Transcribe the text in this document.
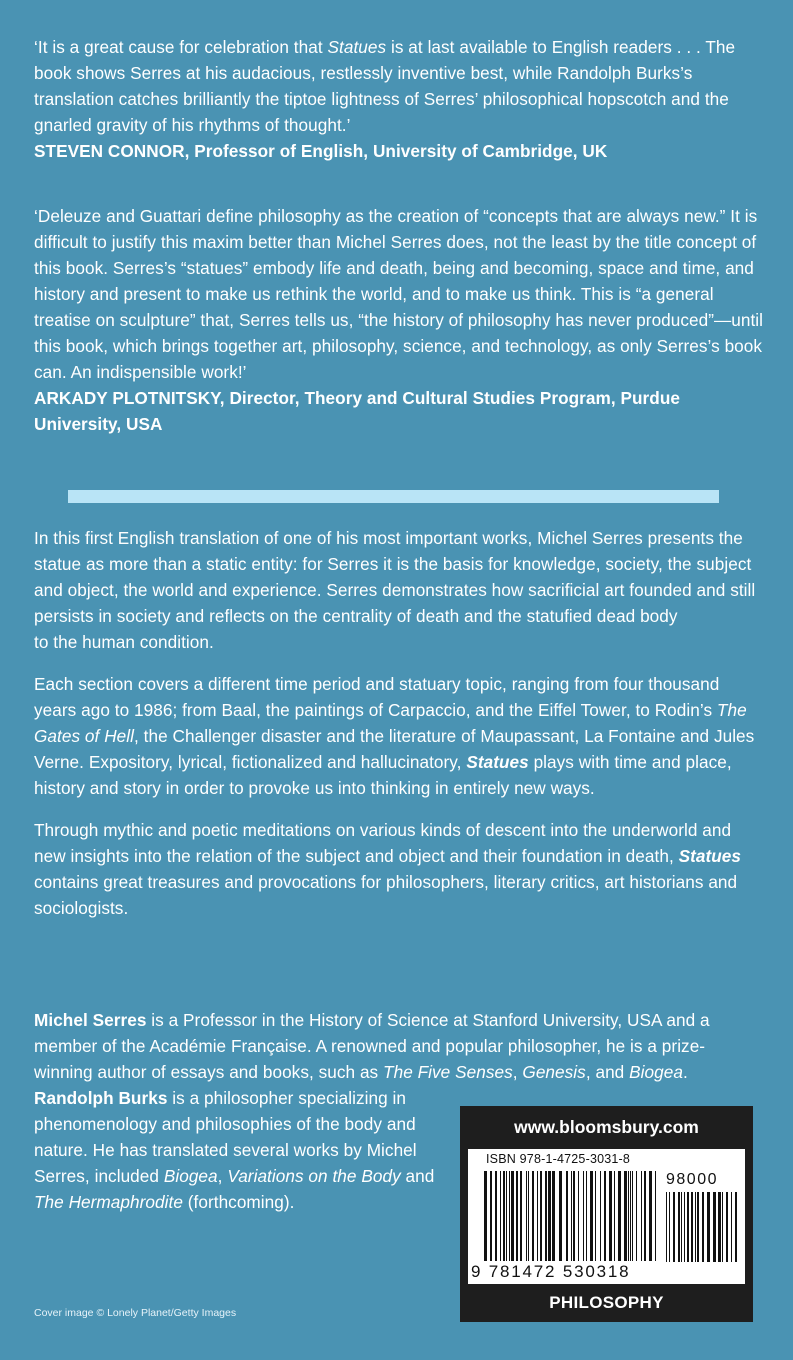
‘It is a great cause for celebration that Statues is at last available to English readers . . . The book shows Serres at his audacious, restlessly inventive best, while Randolph Burks’s translation catches brilliantly the tiptoe lightness of Serres’ philosophical hopscotch and the gnarled gravity of his rhythms of thought.’

STEVEN CONNOR, Professor of English, University of Cambridge, UK

‘Deleuze and Guattari define philosophy as the creation of “concepts that are always new.” It is difficult to justify this maxim better than Michel Serres does, not the least by the title concept of this book. Serres’s “statues” embody life and death, being and becoming, space and time, and history and present to make us rethink the world, and to make us think. This is “a general treatise on sculpture” that, Serres tells us, “the history of philosophy has never produced”—until this book, which brings together art, philosophy, science, and technology, as only Serres’s book can. An indispensible work!’

ARKADY PLOTNITSKY, Director, Theory and Cultural Studies Program, Purdue University, USA

In this first English translation of one of his most important works, Michel Serres presents the statue as more than a static entity: for Serres it is the basis for knowledge, society, the subject and object, the world and experience. Serres demonstrates how sacrificial art founded and still persists in society and reflects on the centrality of death and the statufied dead body
to the human condition.

Each section covers a different time period and statuary topic, ranging from four thousand years ago to 1986; from Baal, the paintings of Carpaccio, and the Eiffel Tower, to Rodin’s The Gates of Hell, the Challenger disaster and the literature of Maupassant, La Fontaine and Jules Verne. Expository, lyrical, fictionalized and hallucinatory, Statues plays with time and place, history and story in order to provoke us into thinking in entirely new ways.

Through mythic and poetic meditations on various kinds of descent into the underworld and new insights into the relation of the subject and object and their foundation in death, Statues contains great treasures and provocations for philosophers, literary critics, art historians and sociologists.

Michel Serres is a Professor in the History of Science at Stanford University, USA and a member of the Académie Française. A renowned and popular philosopher, he is a prize-winning author of essays and books, such as The Five Senses, Genesis, and Biogea.

Randolph Burks is a philosopher specializing in phenomenology and philosophies of the body and nature. He has translated several works by Michel Serres, included Biogea, Variations on the Body and The Hermaphrodite (forthcoming).

Cover image © Lonely Planet/Getty Images
www.bloomsbury.com
ISBN 978-1-4725-3031-8
98000
9 781472 530318
PHILOSOPHY
